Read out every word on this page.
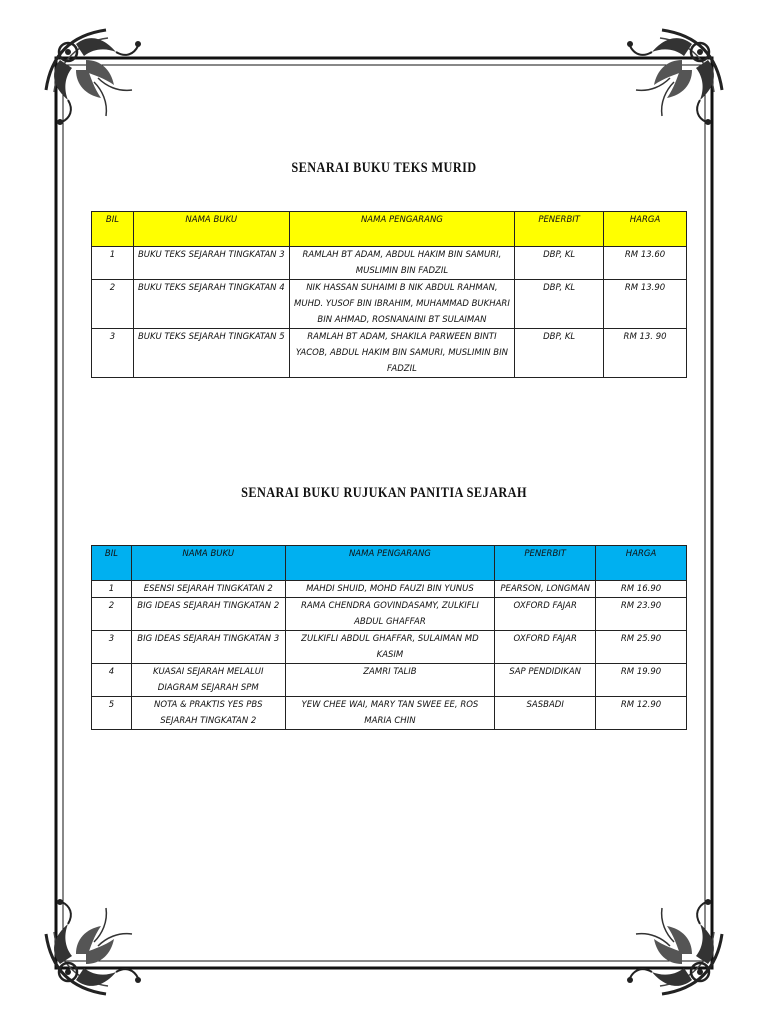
SENARAI BUKU TEKS MURID
BIL	NAMA BUKU	NAMA PENGARANG	PENERBIT	HARGA
1	BUKU TEKS SEJARAH TINGKATAN 3	RAMLAH BT ADAM, ABDUL HAKIM BIN SAMURI, MUSLIMIN BIN FADZIL	DBP, KL	RM 13.60
2	BUKU TEKS SEJARAH TINGKATAN 4	NIK HASSAN SUHAIMI B NIK ABDUL RAHMAN, MUHD. YUSOF BIN IBRAHIM, MUHAMMAD BUKHARI BIN AHMAD, ROSNANAINI BT SULAIMAN	DBP, KL	RM 13.90
3	BUKU TEKS SEJARAH TINGKATAN 5	RAMLAH BT ADAM, SHAKILA PARWEEN BINTI YACOB, ABDUL HAKIM BIN SAMURI, MUSLIMIN BIN FADZIL	DBP, KL	RM 13. 90
SENARAI BUKU RUJUKAN PANITIA SEJARAH
BIL	NAMA BUKU	NAMA PENGARANG	PENERBIT	HARGA
1	ESENSI SEJARAH TINGKATAN 2	MAHDI SHUID, MOHD FAUZI BIN YUNUS	PEARSON, LONGMAN	RM 16.90
2	BIG IDEAS SEJARAH TINGKATAN 2	RAMA CHENDRA GOVINDASAMY, ZULKIFLI ABDUL GHAFFAR	OXFORD FAJAR	RM 23.90
3	BIG IDEAS SEJARAH TINGKATAN 3	ZULKIFLI ABDUL GHAFFAR, SULAIMAN MD KASIM	OXFORD FAJAR	RM 25.90
4	KUASAI SEJARAH MELALUI DIAGRAM SEJARAH SPM	ZAMRI TALIB	SAP PENDIDIKAN	RM 19.90
5	NOTA & PRAKTIS YES PBS SEJARAH TINGKATAN 2	YEW CHEE WAI, MARY TAN SWEE EE, ROS MARIA CHIN	SASBADI	RM 12.90
